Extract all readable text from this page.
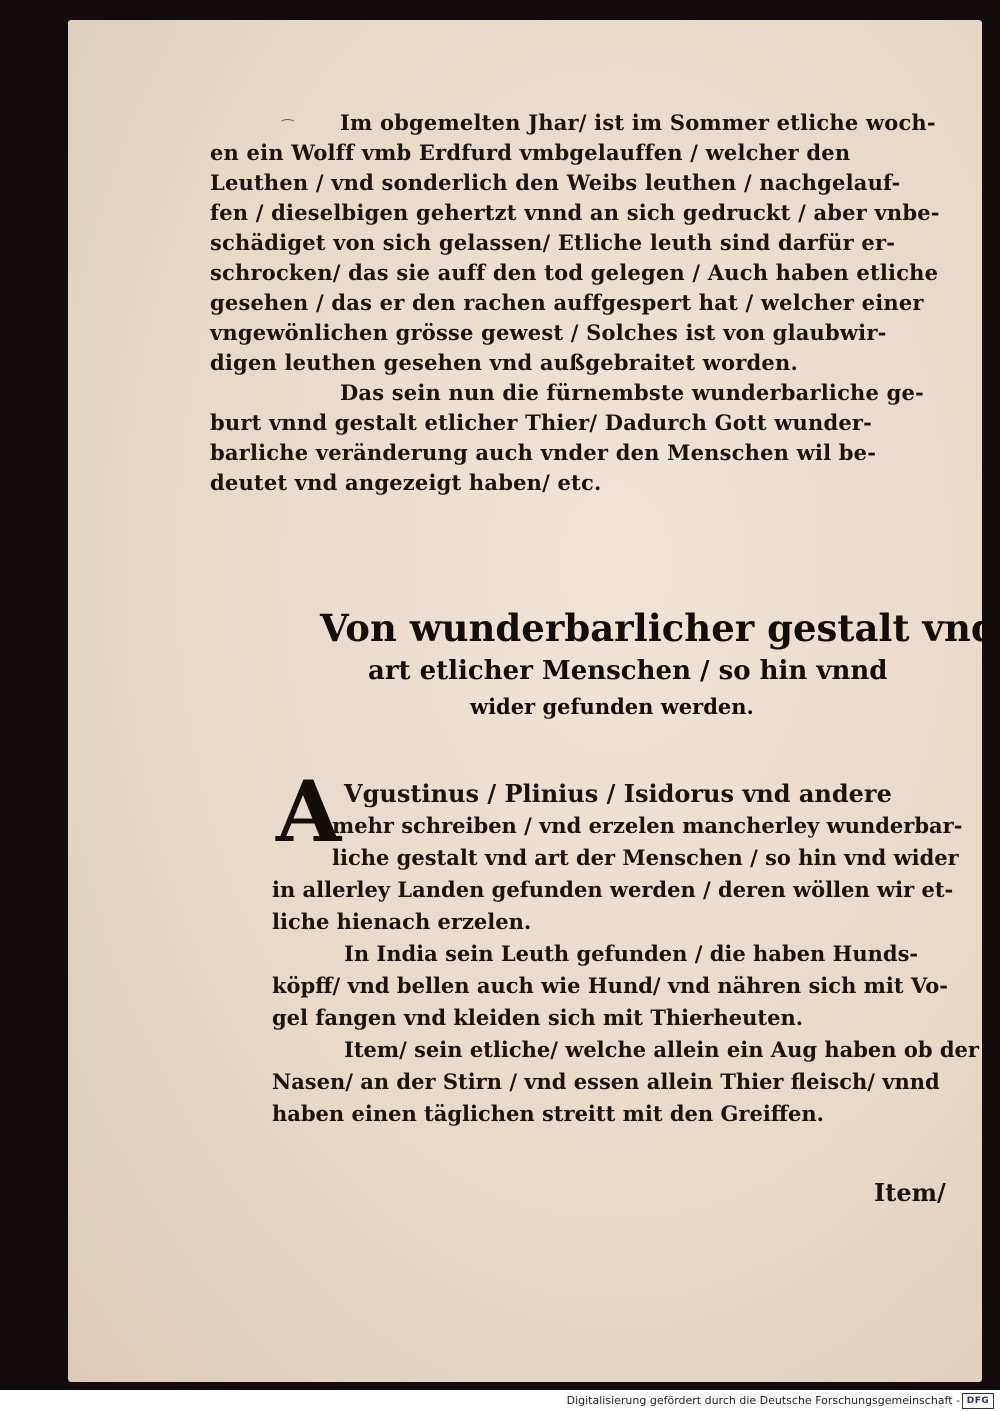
⁀	Im obgemelten Jhar/ ist im Sommer etliche woch-
en ein Wolff vmb Erdfurd vmbgelauffen / welcher den
Leuthen / vnd sonderlich den Weibs leuthen / nachgelauf-
fen / dieselbigen gehertzt vnnd an sich gedruckt / aber vnbe-
schädiget von sich gelassen/ Etliche leuth sind darfür er-
schrocken/ das sie auff den tod gelegen / Auch haben etliche
gesehen / das er den rachen auffgespert hat / welcher einer
vngewönlichen grösse gewest / Solches ist von glaubwir-
digen leuthen gesehen vnd außgebraitet worden.
Das sein nun die fürnembste wunderbarliche ge-
burt vnnd gestalt etlicher Thier/ Dadurch Gott wunder-
barliche veränderung auch vnder den Menschen wil be-
deutet vnd angezeigt haben/ etc.
Von wunderbarlicher gestalt vnd
art etlicher Menschen / so hin vnnd
wider gefunden werden.
A Vgustinus / Plinius / Isidorus vnd andere
mehr schreiben / vnd erzelen mancherley wunderbar-
liche gestalt vnd art der Menschen / so hin vnd wider
in allerley Landen gefunden werden / deren wöllen wir et-
liche hienach erzelen.
In India sein Leuth gefunden / die haben Hunds-
köpff/ vnd bellen auch wie Hund/ vnd nähren sich mit Vo-
gel fangen vnd kleiden sich mit Thierheuten.
Item/ sein etliche/ welche allein ein Aug haben ob der
Nasen/ an der Stirn / vnd essen allein Thier fleisch/ vnnd
haben einen täglichen streitt mit den Greiffen.
Item/
Digitalisierung gefördert durch die Deutsche Forschungsgemeinschaft - DFG
